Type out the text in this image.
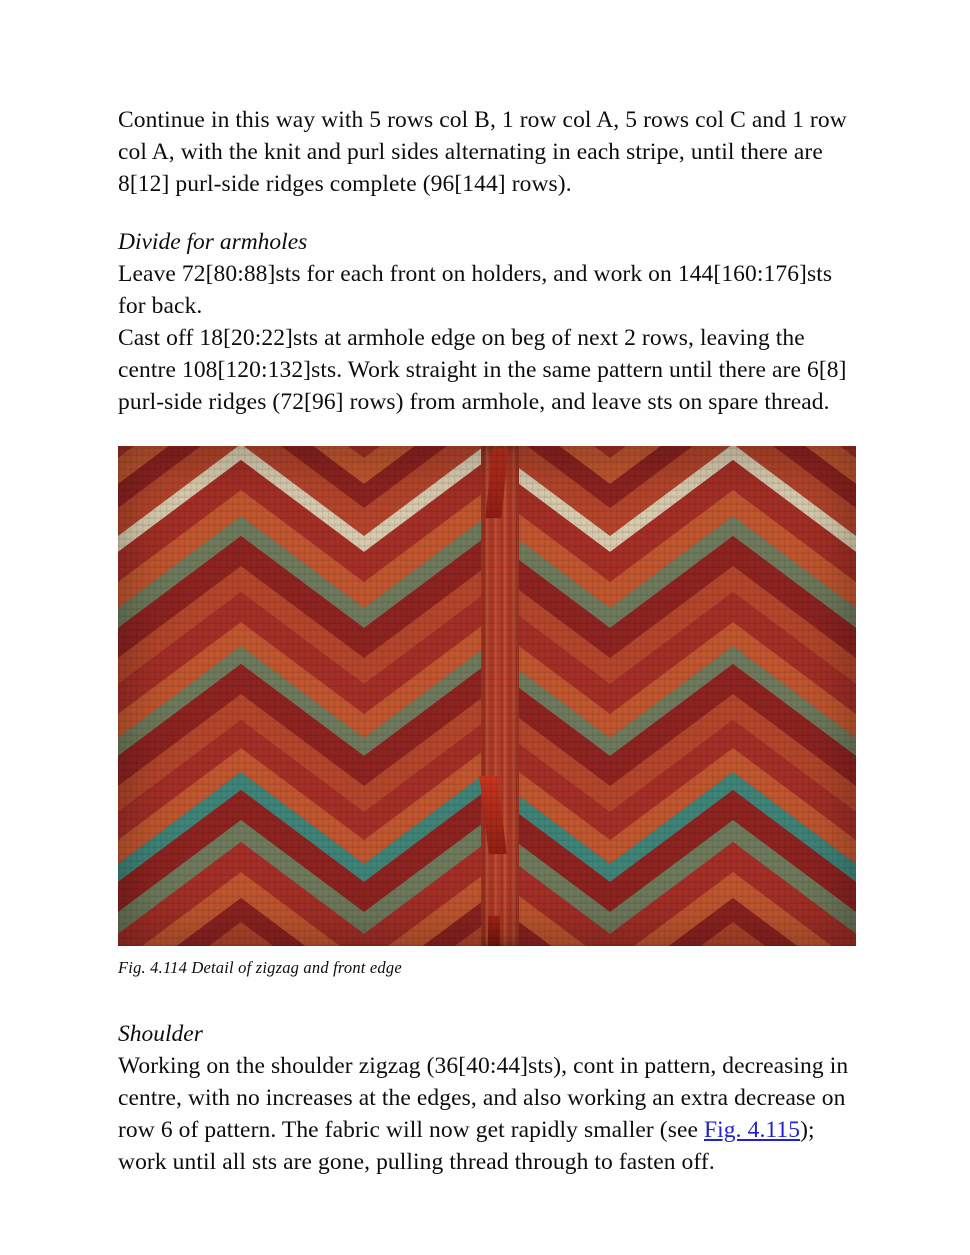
Continue in this way with 5 rows col B, 1 row col A, 5 rows col C and 1 row col A, with the knit and purl sides alternating in each stripe, until there are 8[12] purl-side ridges complete (96[144] rows).

Divide for armholes

Leave 72[80:88]sts for each front on holders, and work on 144[160:176]sts for back.

Cast off 18[20:22]sts at armhole edge on beg of next 2 rows, leaving the centre 108[120:132]sts. Work straight in the same pattern until there are 6[8] purl-side ridges (72[96] rows) from armhole, and leave sts on spare thread.

Fig. 4.114 Detail of zigzag and front edge

Shoulder

Working on the shoulder zigzag (36[40:44]sts), cont in pattern, decreasing in centre, with no increases at the edges, and also working an extra decrease on row 6 of pattern. The fabric will now get rapidly smaller (see Fig. 4.115); work until all sts are gone, pulling thread through to fasten off.
